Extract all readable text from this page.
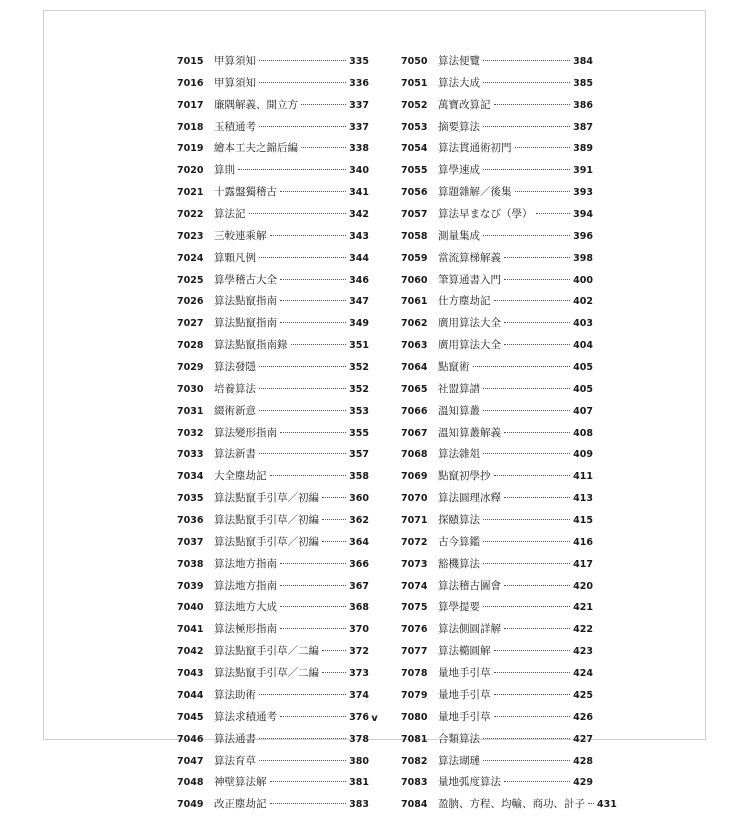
7015	甲算須知	335
7016	甲算須知	336
7017	廉隅解義、開立方	337
7018	玉積通考	337
7019	繪本工夫之錦后編	338
7020	算則	340
7021	十露盤獨稽古	341
7022	算法記	342
7023	三較連乘解	343
7024	算顆凡例	344
7025	算學稽古大全	346
7026	算法點竄指南	347
7027	算法點竄指南	349
7028	算法點竄指南錄	351
7029	算法發隱	352
7030	培養算法	352
7031	綴術新意	353
7032	算法變形指南	355
7033	算法新書	357
7034	大全塵劫記	358
7035	算法點竄手引草／初編	360
7036	算法點竄手引草／初編	362
7037	算法點竄手引草／初編	364
7038	算法地方指南	366
7039	算法地方指南	367
7040	算法地方大成	368
7041	算法極形指南	370
7042	算法點竄手引草／二編	372
7043	算法點竄手引草／二編	373
7044	算法助術	374
7045	算法求積通考	376
7046	算法通書	378
7047	算法育草	380
7048	神壁算法解	381
7049	改正塵劫記	383
7050	算法便覽	384
7051	算法大成	385
7052	萬寶改算記	386
7053	摘要算法	387
7054	算法貫通術初門	389
7055	算學速成	391
7056	算題雜解／後集	393
7057	算法早まなび（學）	394
7058	測量集成	396
7059	當流算梯解義	398
7060	筆算通書入門	400
7061	仕方塵劫記	402
7062	廣用算法大全	403
7063	廣用算法大全	404
7064	點竄術	405
7065	社盟算譜	405
7066	溫知算叢	407
7067	溫知算叢解義	408
7068	算法雜俎	409
7069	點竄初學抄	411
7070	算法圓理冰釋	413
7071	探賾算法	415
7072	古今算鑑	416
7073	豁機算法	417
7074	算法稽古圖會	420
7075	算學提要	421
7076	算法側圓詳解	422
7077	算法橢圓解	423
7078	量地手引草	424
7079	量地手引草	425
7080	量地手引草	426
7081	合類算法	427
7082	算法瑚璉	428
7083	量地弧度算法	429
7084	盈朒、方程、均輸、商功、計子 431
v
